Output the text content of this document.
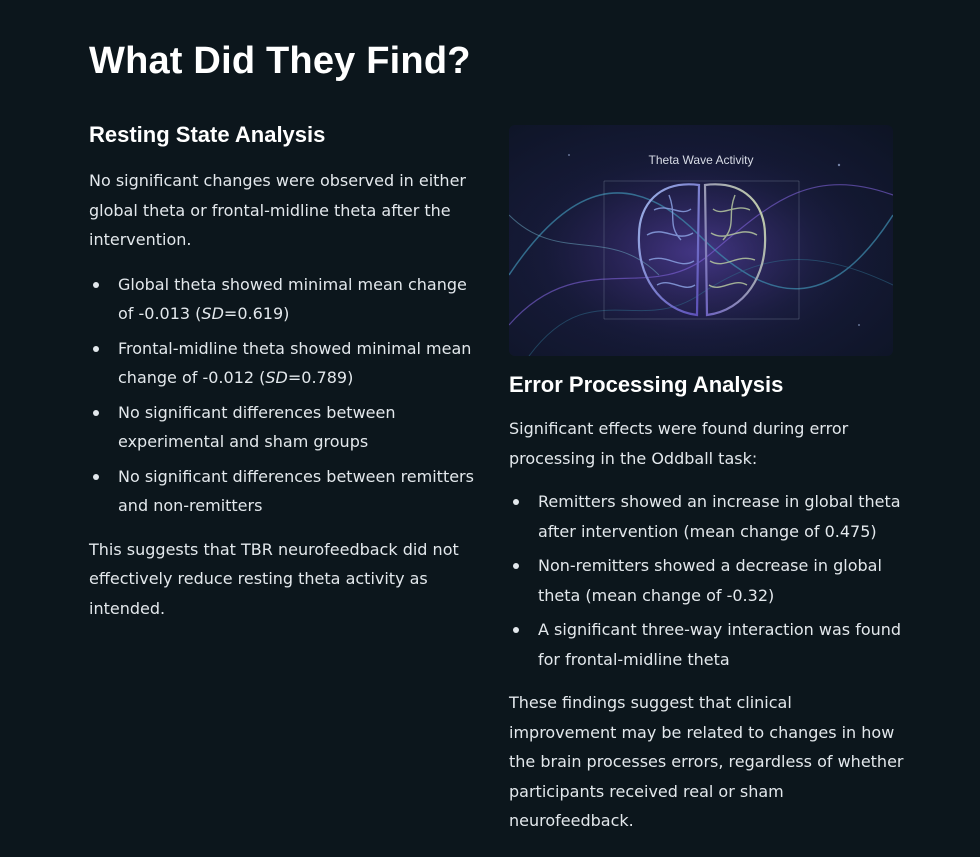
What Did They Find?
Resting State Analysis

No significant changes were observed in either global theta or frontal-midline theta after the intervention.

Global theta showed minimal mean change of -0.013 (SD=0.619)
Frontal-midline theta showed minimal mean change of -0.012 (SD=0.789)
No significant differences between experimental and sham groups
No significant differences between remitters and non-remitters

This suggests that TBR neurofeedback did not effectively reduce resting theta activity as intended.

Theta Wave Activity
Error Processing Analysis

Significant effects were found during error processing in the Oddball task:

Remitters showed an increase in global theta after intervention (mean change of 0.475)
Non-remitters showed a decrease in global theta (mean change of -0.32)
A significant three-way interaction was found for frontal-midline theta

These findings suggest that clinical improvement may be related to changes in how the brain processes errors, regardless of whether participants received real or sham neurofeedback.
